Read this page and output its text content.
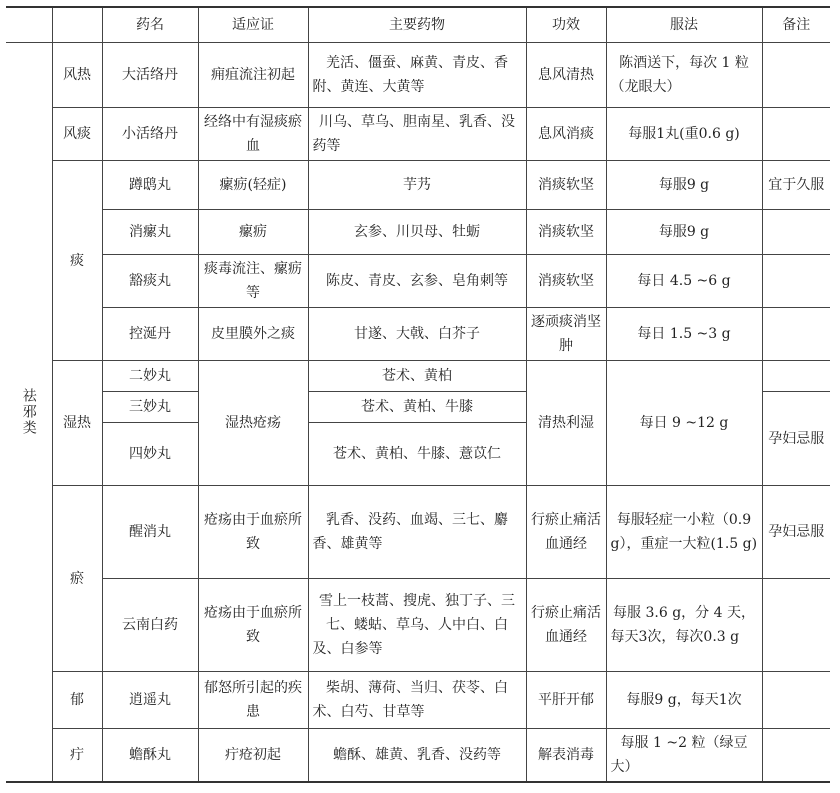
		药名	适应证	主要药物	功效	服法	备注
祛邪类	风热	大活络丹	痈疽流注初起	羌活、僵蚕、麻黄、青皮、香附、黄连、大黄等	息风清热	陈酒送下，每次 1 粒（龙眼大）	
	风痰	小活络丹	经络中有湿痰瘀血	川乌、草乌、胆南星、乳香、没药等	息风消痰	每服1丸(重0.6 g)	
	痰	蹲鸱丸	瘰疬(轻症)	芋艿	消痰软坚	每服9 g	宜于久服
		消瘰丸	瘰疬	玄参、川贝母、牡蛎	消痰软坚	每服9 g	
		豁痰丸	痰毒流注、瘰疬等	陈皮、青皮、玄参、皂角刺等	消痰软坚	每日 4.5 ~6 g	
		控涎丹	皮里膜外之痰	甘遂、大戟、白芥子	逐顽痰消坚肿	每日 1.5 ~3 g	
	湿热	二妙丸	湿热疮疡	苍术、黄柏	清热利湿	每日 9 ~12 g	
		三妙丸		苍术、黄柏、牛膝			孕妇忌服
		四妙丸		苍术、黄柏、牛膝、薏苡仁			
	瘀	醒消丸	疮疡由于血瘀所致	乳香、没药、血竭、三七、麝香、雄黄等	行瘀止痛活血通经	每服轻症一小粒（0.9 g），重症一大粒(1.5 g)	孕妇忌服
		云南白药	疮疡由于血瘀所致	雪上一枝蒿、搜虎、独丁子、三七、蝼蛄、草乌、人中白、白及、白参等	行瘀止痛活血通经	每服 3.6 g，分 4 天，每天3次，每次0.3 g	
	郁	逍遥丸	郁怒所引起的疾患	柴胡、薄荷、当归、茯苓、白术、白芍、甘草等	平肝开郁	每服9 g，每天1次	
	疔	蟾酥丸	疔疮初起	蟾酥、雄黄、乳香、没药等	解表消毒	每服 1 ~2 粒（绿豆大）	
